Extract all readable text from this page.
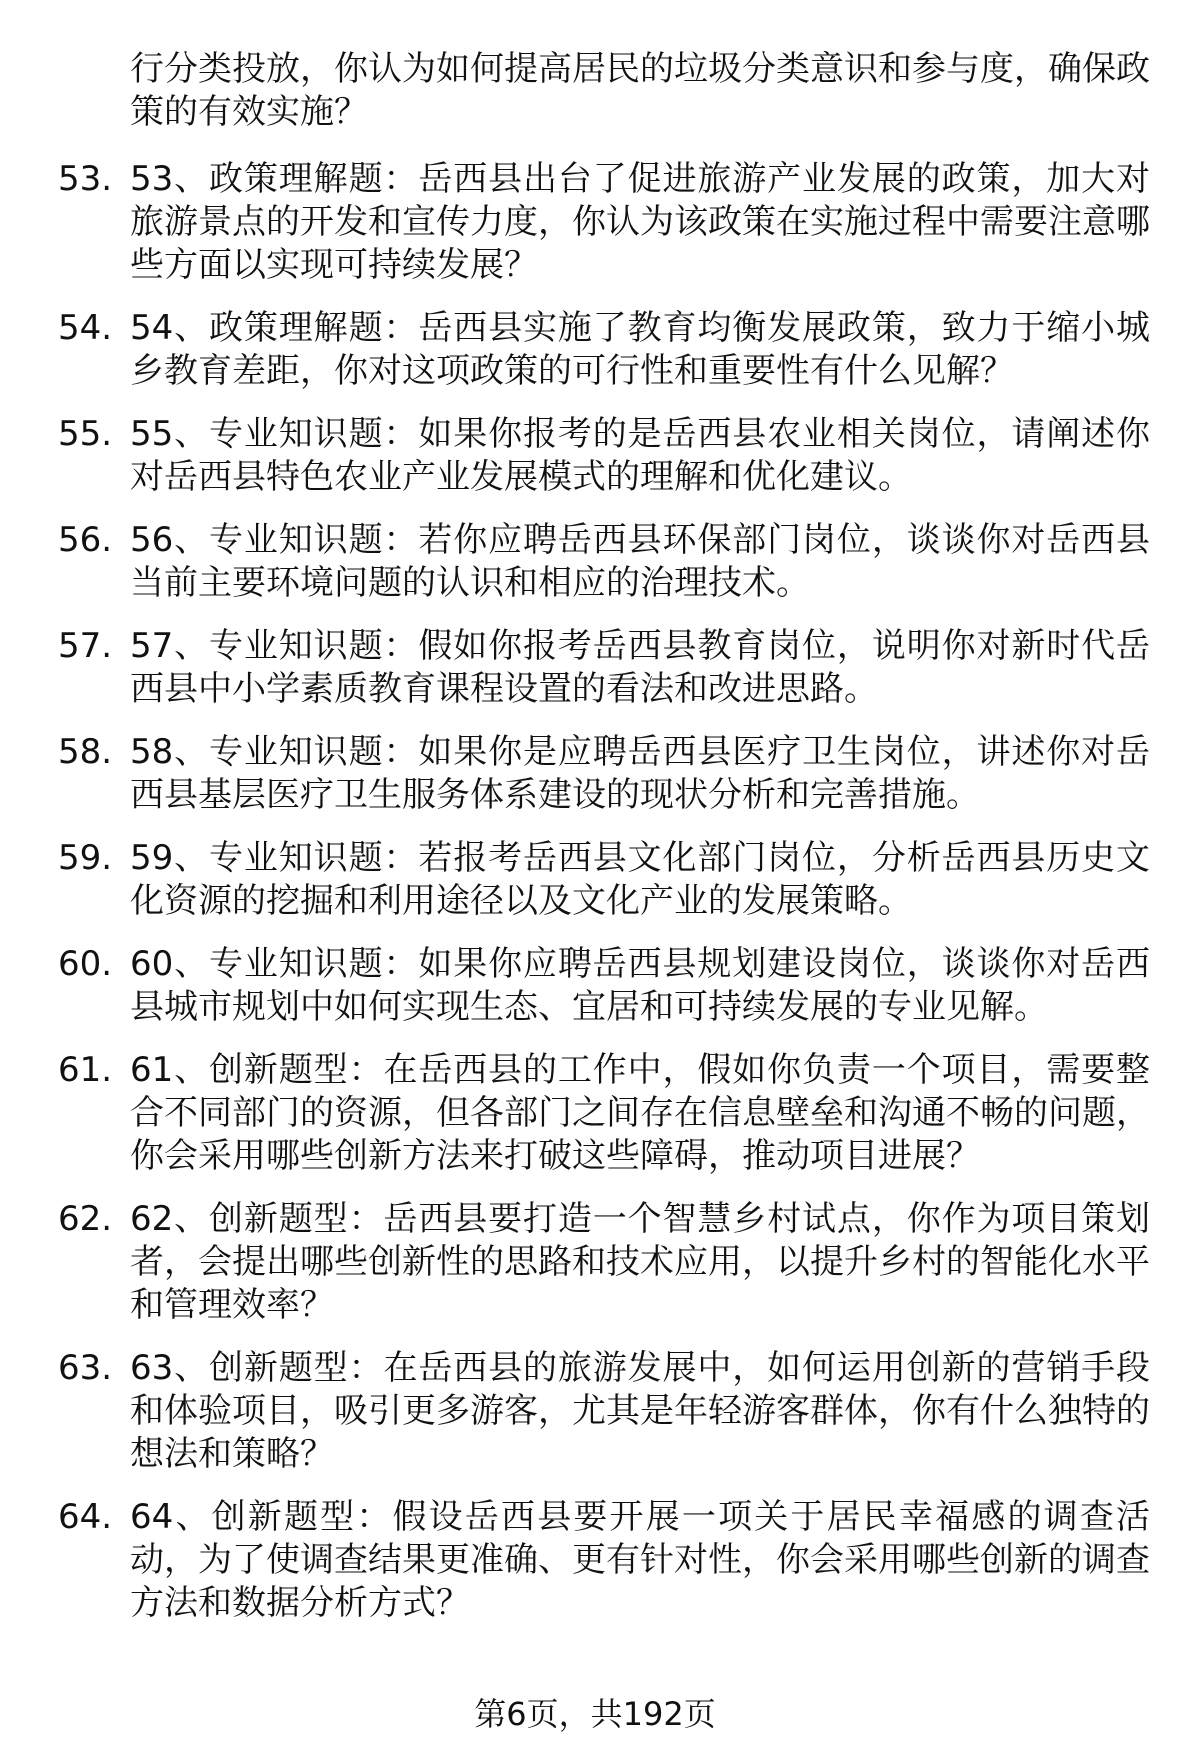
行分类投放，你认为如何提高居民的垃圾分类意识和参与度，确保政策的有效实施？
53. 53、政策理解题：岳西县出台了促进旅游产业发展的政策，加大对旅游景点的开发和宣传力度，你认为该政策在实施过程中需要注意哪些方面以实现可持续发展？
54. 54、政策理解题：岳西县实施了教育均衡发展政策，致力于缩小城乡教育差距，你对这项政策的可行性和重要性有什么见解？
55. 55、专业知识题：如果你报考的是岳西县农业相关岗位，请阐述你对岳西县特色农业产业发展模式的理解和优化建议。
56. 56、专业知识题：若你应聘岳西县环保部门岗位，谈谈你对岳西县当前主要环境问题的认识和相应的治理技术。
57. 57、专业知识题：假如你报考岳西县教育岗位，说明你对新时代岳西县中小学素质教育课程设置的看法和改进思路。
58. 58、专业知识题：如果你是应聘岳西县医疗卫生岗位，讲述你对岳西县基层医疗卫生服务体系建设的现状分析和完善措施。
59. 59、专业知识题：若报考岳西县文化部门岗位，分析岳西县历史文化资源的挖掘和利用途径以及文化产业的发展策略。
60. 60、专业知识题：如果你应聘岳西县规划建设岗位，谈谈你对岳西县城市规划中如何实现生态、宜居和可持续发展的专业见解。
61. 61、创新题型：在岳西县的工作中，假如你负责一个项目，需要整合不同部门的资源，但各部门之间存在信息壁垒和沟通不畅的问题，你会采用哪些创新方法来打破这些障碍，推动项目进展？
62. 62、创新题型：岳西县要打造一个智慧乡村试点，你作为项目策划者，会提出哪些创新性的思路和技术应用，以提升乡村的智能化水平和管理效率？
63. 63、创新题型：在岳西县的旅游发展中，如何运用创新的营销手段和体验项目，吸引更多游客，尤其是年轻游客群体，你有什么独特的想法和策略？
64. 64、创新题型：假设岳西县要开展一项关于居民幸福感的调查活动，为了使调查结果更准确、更有针对性，你会采用哪些创新的调查方法和数据分析方式？
第6页，共192页
